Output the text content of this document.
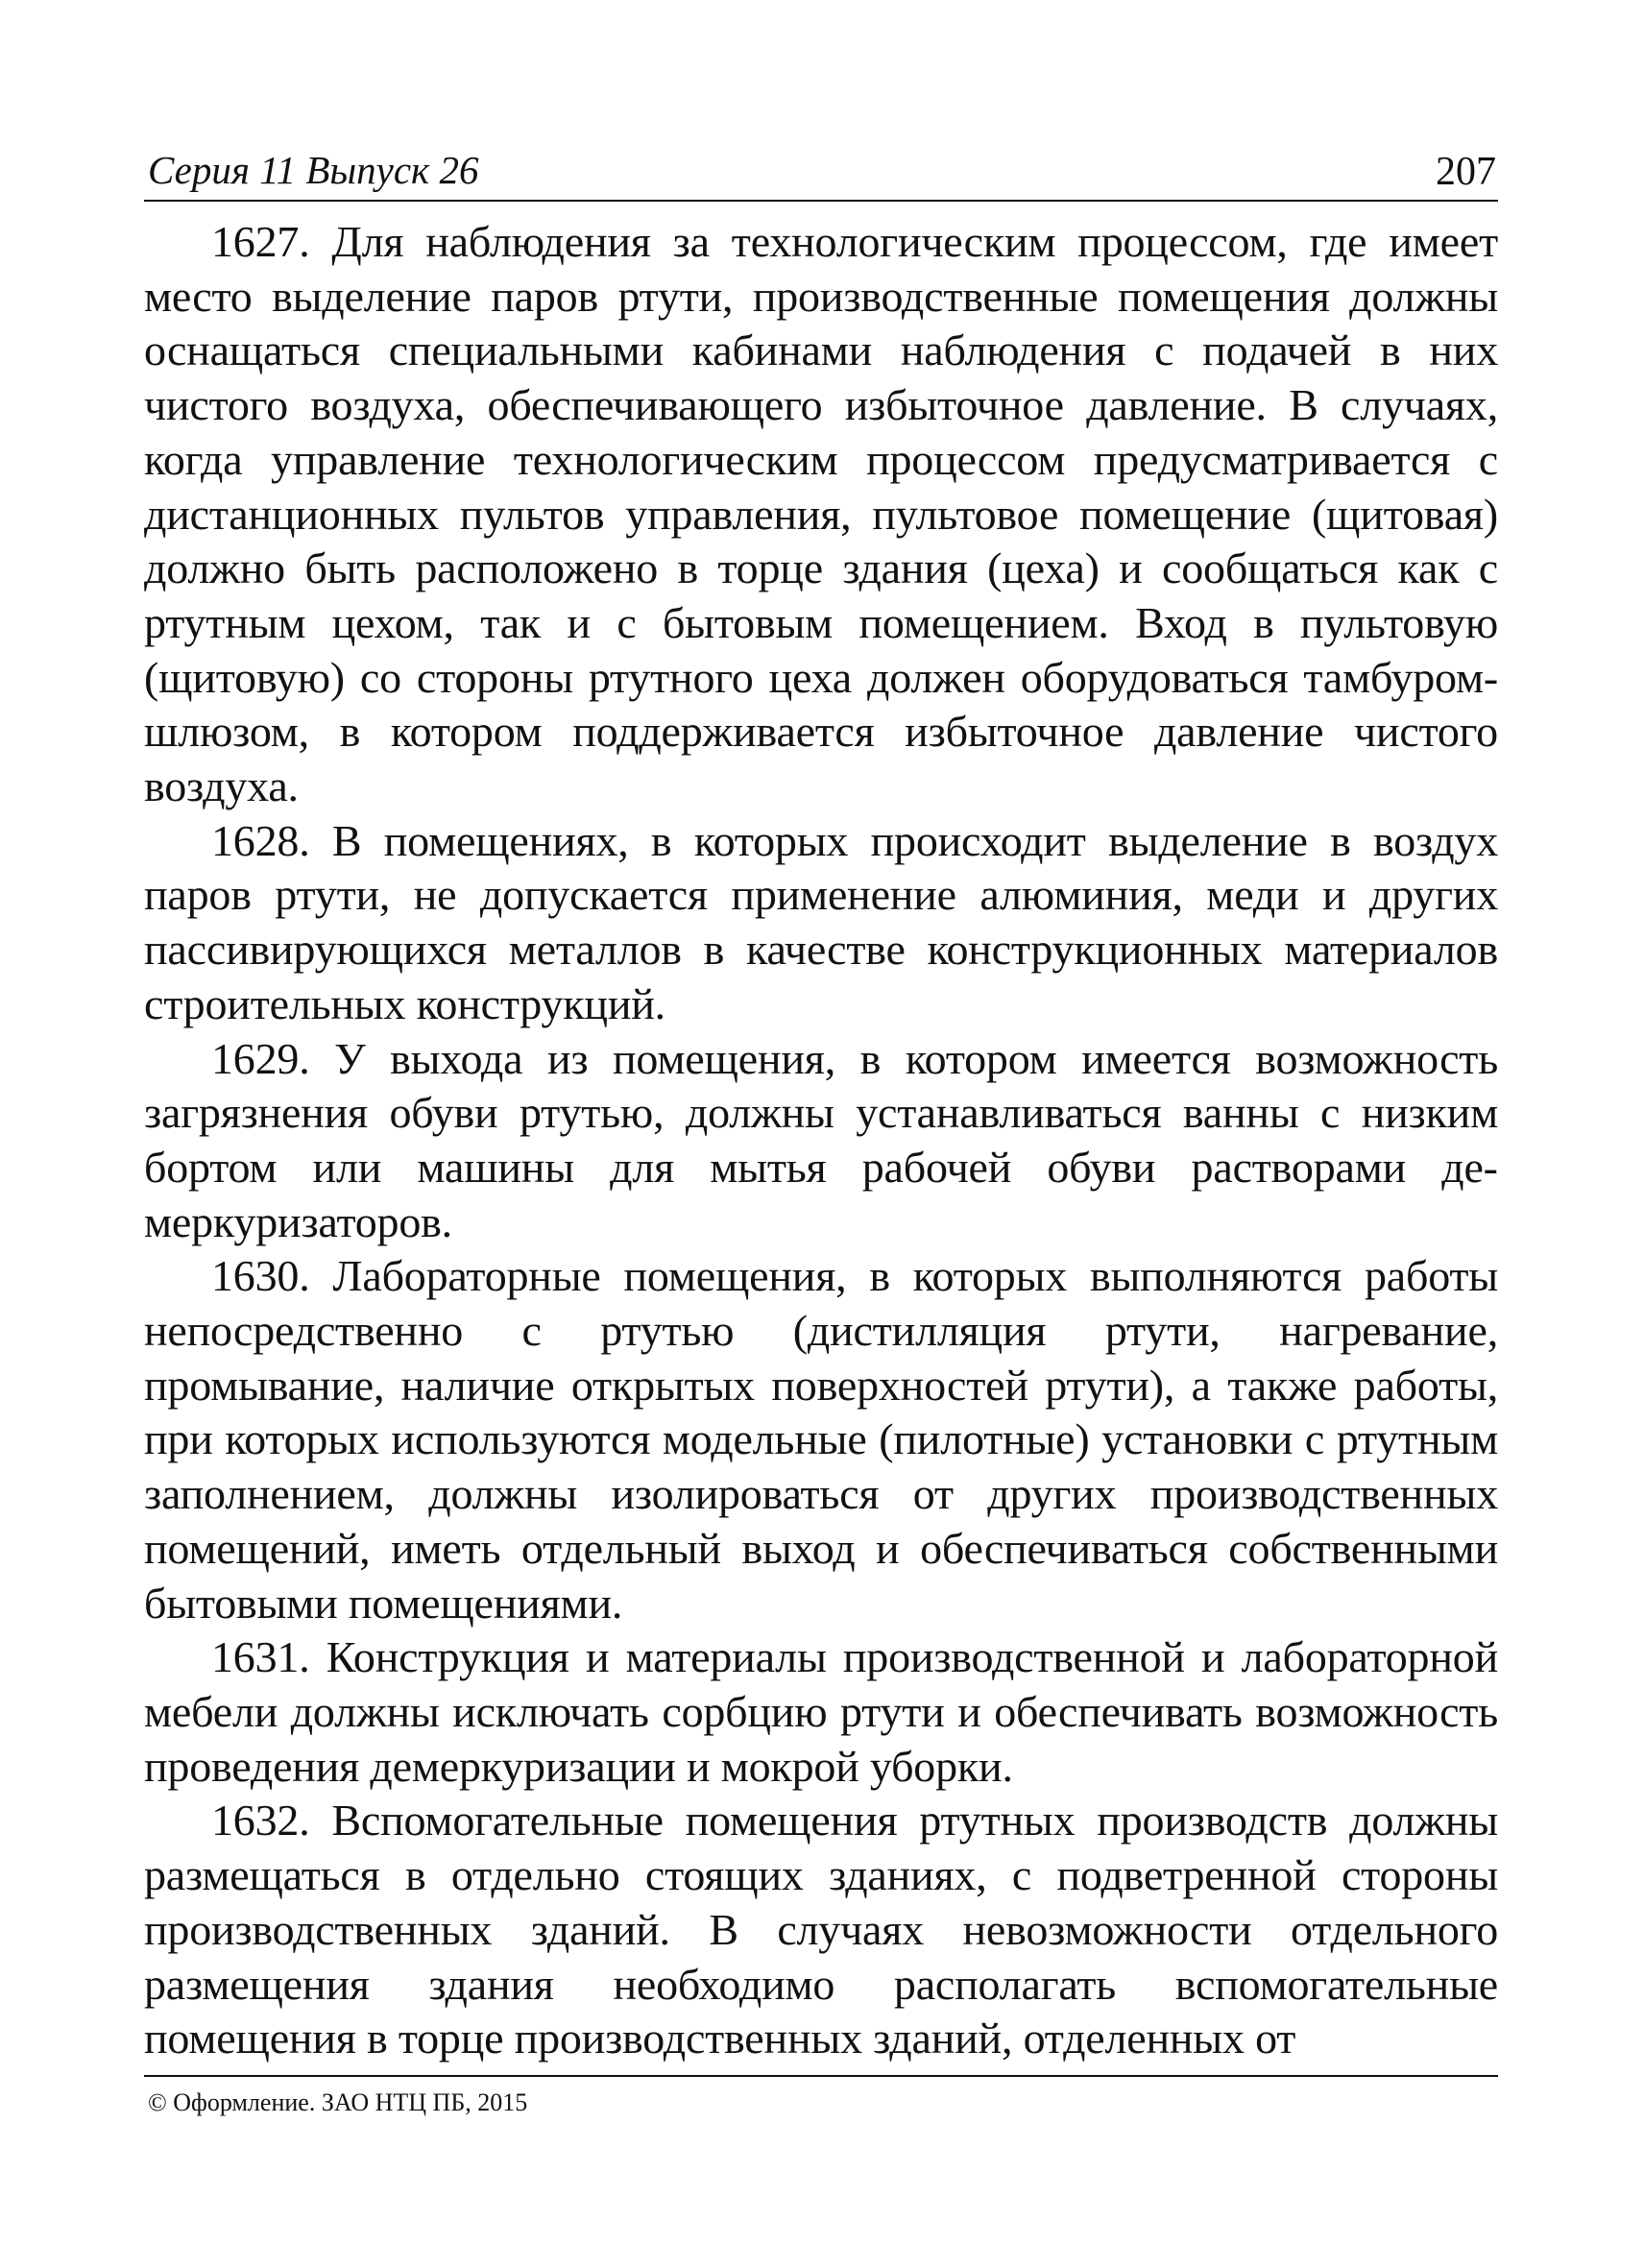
Серия 11 Выпуск 26	207

1627. Для наблюдения за технологическим процессом, где имеет место выделение паров ртути, производственные помещения должны оснащаться специальными кабинами наблюдения с подачей в них чистого воздуха, обеспечивающего избыточное давление. В случаях, когда управление технологическим процессом предусматривается с дистанционных пультов управления, пультовое помещение (щитовая) должно быть расположено в торце здания (цеха) и сообщаться как с ртутным цехом, так и с бытовым помещением. Вход в пультовую (щитовую) со стороны ртутного цеха должен оборудоваться тамбуром-шлюзом, в котором поддерживается избыточное давление чистого воздуха.

1628. В помещениях, в которых происходит выделение в воздух паров ртути, не допускается применение алюминия, меди и других пассивирующихся металлов в качестве конструкционных материалов строительных конструкций.

1629. У выхода из помещения, в котором имеется возможность загрязнения обуви ртутью, должны устанавливаться ванны с низким бортом или машины для мытья рабочей обуви растворами демеркуризаторов.

1630. Лабораторные помещения, в которых выполняются работы непосредственно с ртутью (дистилляция ртути, нагревание, промывание, наличие открытых поверхностей ртути), а также работы, при которых используются модельные (пилотные) установки с ртутным заполнением, должны изолироваться от других производственных помещений, иметь отдельный выход и обеспечиваться собственными бытовыми помещениями.

1631. Конструкция и материалы производственной и лабораторной мебели должны исключать сорбцию ртути и обеспечивать возможность проведения демеркуризации и мокрой уборки.

1632. Вспомогательные помещения ртутных производств должны размещаться в отдельно стоящих зданиях, с подветренной стороны производственных зданий. В случаях невозможности отдельного размещения здания необходимо располагать вспомогательные помещения в торце производственных зданий, отделенных от

© Оформление. ЗАО НТЦ ПБ, 2015
